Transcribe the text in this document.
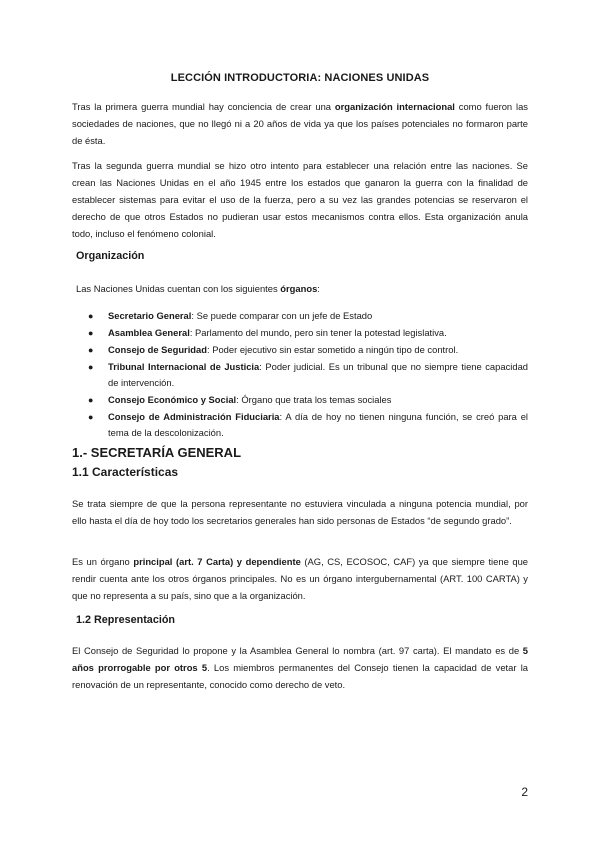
LECCIÓN INTRODUCTORIA: NACIONES UNIDAS

Tras la primera guerra mundial hay conciencia de crear una organización internacional como fueron las sociedades de naciones, que no llegó ni a 20 años de vida ya que los países potenciales no formaron parte de ésta.

Tras la segunda guerra mundial se hizo otro intento para establecer una relación entre las naciones. Se crean las Naciones Unidas en el año 1945 entre los estados que ganaron la guerra con la finalidad de establecer sistemas para evitar el uso de la fuerza, pero a su vez las grandes potencias se reservaron el derecho de que otros Estados no pudieran usar estos mecanismos contra ellos. Esta organización anula todo, incluso el fenómeno colonial.

Organización

Las Naciones Unidas cuentan con los siguientes órganos:

● Secretario General: Se puede comparar con un jefe de Estado
● Asamblea General: Parlamento del mundo, pero sin tener la potestad legislativa.
● Consejo de Seguridad: Poder ejecutivo sin estar sometido a ningún tipo de control.
● Tribunal Internacional de Justicia: Poder judicial. Es un tribunal que no siempre tiene capacidad de intervención.
● Consejo Económico y Social: Órgano que trata los temas sociales
● Consejo de Administración Fiduciaria: A día de hoy no tienen ninguna función, se creó para el tema de la descolonización.
1.- SECRETARÍA GENERAL
1.1 Características

Se trata siempre de que la persona representante no estuviera vinculada a ninguna potencia mundial, por ello hasta el día de hoy todo los secretarios generales han sido personas de Estados “de segundo grado”.

Es un órgano principal (art. 7 Carta) y dependiente (AG, CS, ECOSOC, CAF) ya que siempre tiene que rendir cuenta ante los otros órganos principales. No es un órgano intergubernamental (ART. 100 CARTA) y que no representa a su país, sino que a la organización.

1.2 Representación

El Consejo de Seguridad lo propone y la Asamblea General lo nombra (art. 97 carta). El mandato es de 5 años prorrogable por otros 5. Los miembros permanentes del Consejo tienen la capacidad de vetar la renovación de un representante, conocido como derecho de veto.

2
